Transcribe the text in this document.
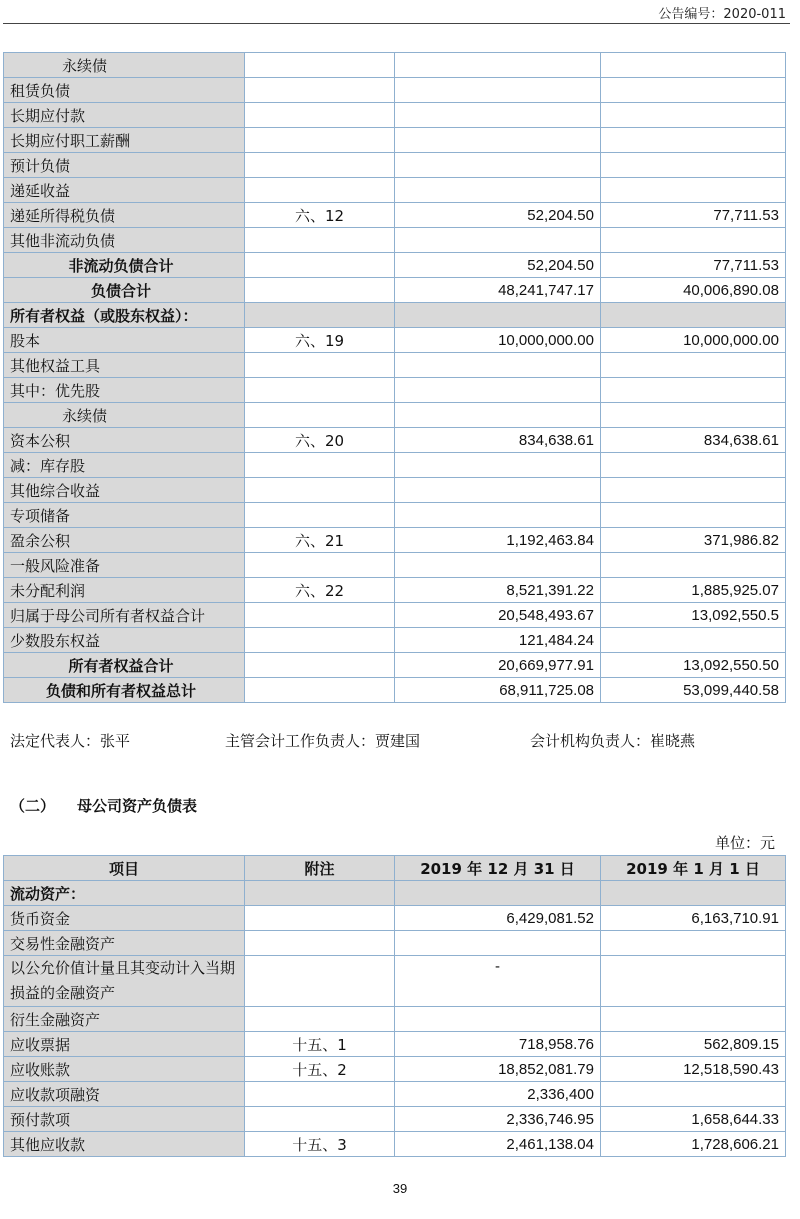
公告编号：2020-011
永续债			
租赁负债			
长期应付款			
长期应付职工薪酬			
预计负债			
递延收益			
递延所得税负债	六、12	52,204.50	77,711.53
其他非流动负债			
非流动负债合计		52,204.50	77,711.53
负债合计		48,241,747.17	40,006,890.08
所有者权益（或股东权益）：			
股本	六、19	10,000,000.00	10,000,000.00
其他权益工具			
其中：优先股			
永续债			
资本公积	六、20	834,638.61	834,638.61
减：库存股			
其他综合收益			
专项储备			
盈余公积	六、21	1,192,463.84	371,986.82
一般风险准备			
未分配利润	六、22	8,521,391.22	1,885,925.07
归属于母公司所有者权益合计		20,548,493.67	13,092,550.5
少数股东权益		121,484.24	
所有者权益合计		20,669,977.91	13,092,550.50
负债和所有者权益总计		68,911,725.08	53,099,440.58
法定代表人：张平	主管会计工作负责人：贾建国	会计机构负责人：崔晓燕
（二） 母公司资产负债表
单位：元
项目	附注	2019 年 12 月 31 日	2019 年 1 月 1 日
流动资产：			
货币资金		6,429,081.52	6,163,710.91
交易性金融资产			
以公允价值计量且其变动计入当期损益的金融资产		-	
衍生金融资产			
应收票据	十五、1	718,958.76	562,809.15
应收账款	十五、2	18,852,081.79	12,518,590.43
应收款项融资		2,336,400	
预付款项		2,336,746.95	1,658,644.33
其他应收款	十五、3	2,461,138.04	1,728,606.21
39
